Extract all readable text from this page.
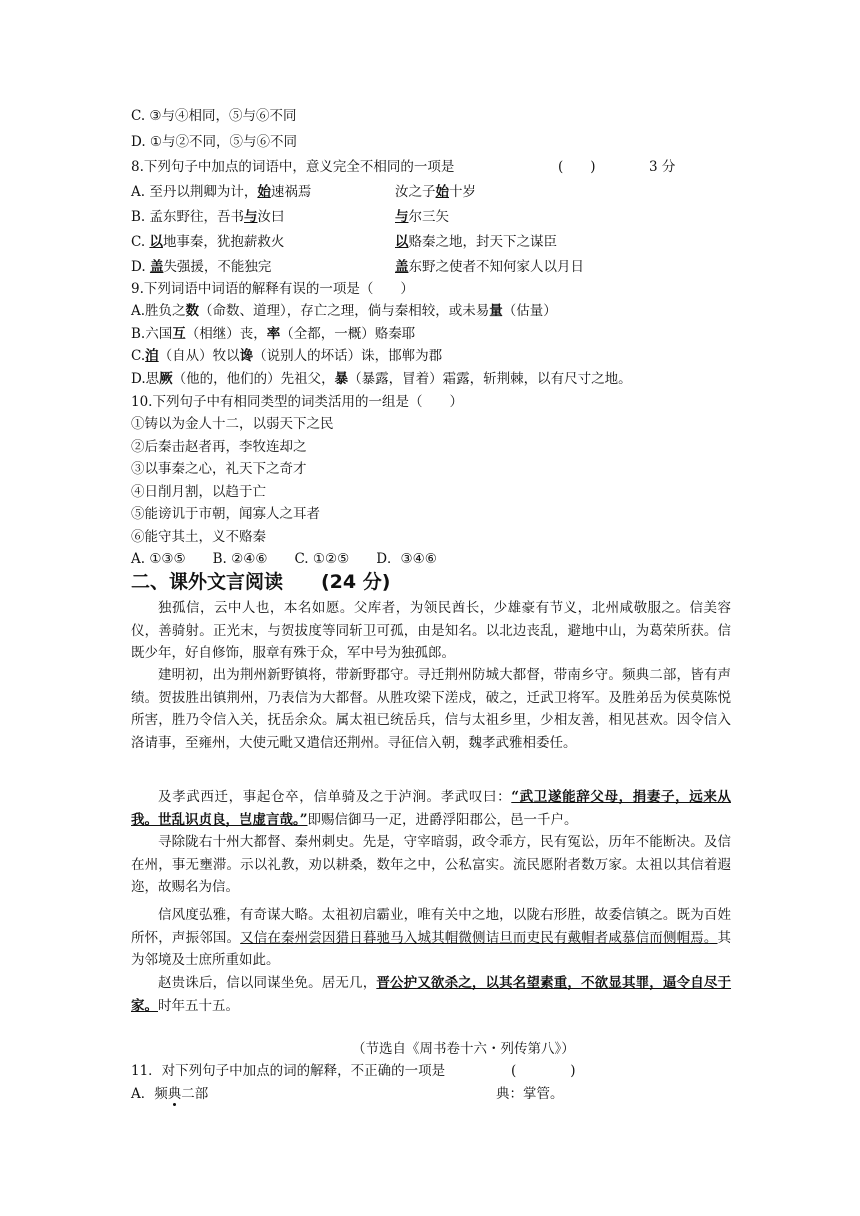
C. ③与④相同，⑤与⑥不同
D. ①与②不同，⑤与⑥不同
8.下列句子中加点的词语中，意义完全不相同的一项是	(　　)	3 分
A. 至丹以荆卿为计，始速祸焉	汝之子始十岁
B. 孟东野往，吾书与汝曰	与尔三矢
C. 以地事秦，犹抱薪救火	以赂秦之地，封天下之谋臣
D. 盖失强援，不能独完	盖东野之使者不知何家人以月日
9.下列词语中词语的解释有误的一项是（　　）
A.胜负之数（命数、道理），存亡之理，倘与秦相较，或未易量（估量）
B.六国互（相继）丧，率（全都，一概）赂秦耶
C.洎（自从）牧以谗（说别人的坏话）诛，邯郸为郡
D.思厥（他的，他们的）先祖父，暴（暴露，冒着）霜露，斩荆棘，以有尺寸之地。
10.下列句子中有相同类型的词类活用的一组是（　　）
①铸以为金人十二，以弱天下之民
②后秦击赵者再，李牧连却之
③以事秦之心，礼天下之奇才
④日削月割，以趋于亡
⑤能谤讥于市朝，闻寡人之耳者
⑥能守其土，义不赂秦
A. ①③⑤　　B. ②④⑥　　C. ①②⑤　　D．③④⑥
二、课外文言阅读　　(24 分)
独孤信，云中人也，本名如愿。父库者，为领民酋长，少雄豪有节义，北州咸敬服之。信美容仪，善骑射。正光末，与贺拔度等同斩卫可孤，由是知名。以北边丧乱，避地中山，为葛荣所获。信既少年，好自修饰，服章有殊于众，军中号为独孤郎。
建明初，出为荆州新野镇将，带新野郡守。寻迁荆州防城大都督，带南乡守。频典二部，皆有声绩。贺拔胜出镇荆州，乃表信为大都督。从胜攻梁下溠戍，破之，迁武卫将军。及胜弟岳为侯莫陈悦所害，胜乃令信入关，抚岳余众。属太祖已统岳兵，信与太祖乡里，少相友善，相见甚欢。因令信入洛请事，至雍州，大使元毗又遣信还荆州。寻征信入朝，魏孝武雅相委任。
及孝武西迁，事起仓卒，信单骑及之于泸涧。孝武叹曰：“武卫遂能辞父母，捐妻子，远来从我。世乱识贞良，岂虚言哉。”即赐信御马一疋，进爵浮阳郡公，邑一千户。
寻除陇右十州大都督、秦州刺史。先是，守宰暗弱，政令乖方，民有冤讼，历年不能断决。及信在州，事无壅滞。示以礼教，劝以耕桑，数年之中，公私富实。流民愿附者数万家。太祖以其信着遐迩，故赐名为信。
信风度弘雅，有奇谋大略。太祖初启霸业，唯有关中之地，以陇右形胜，故委信镇之。既为百姓所怀，声振邻国。又信在秦州尝因猎日暮驰马入城其帽微侧诘旦而吏民有戴帽者咸慕信而侧帽焉。其为邻境及士庶所重如此。
赵贵诛后，信以同谋坐免。居无几，晋公护又欲杀之，以其名望素重，不欲显其罪，逼令自尽于家。时年五十五。
（节选自《周书卷十六・列传第八》）
11．对下列句子中加点的词的解释，不正确的一项是	(　　　　)
A．频典二部	典：掌管。
